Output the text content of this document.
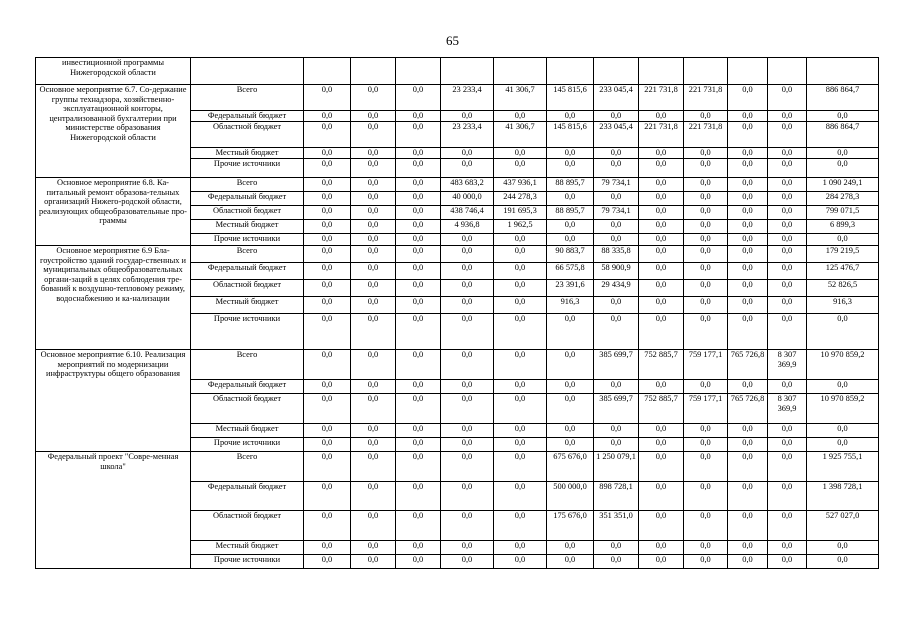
65
инвестиционной программы Нижегородской области													
Основное мероприятие 6.7. Со-держание группы технадзора, хозяйственно-эксплуатационной конторы, централизованной бухгалтерии при министерстве образования Нижегородской области	Всего	0,0	0,0	0,0	23 233,4	41 306,7	145 815,6	233 045,4	221 731,8	221 731,8	0,0	0,0	886 864,7
	Федеральный бюджет	0,0	0,0	0,0	0,0	0,0	0,0	0,0	0,0	0,0	0,0	0,0	0,0
	Областной бюджет	0,0	0,0	0,0	23 233,4	41 306,7	145 815,6	233 045,4	221 731,8	221 731,8	0,0	0,0	886 864,7
	Местный бюджет	0,0	0,0	0,0	0,0	0,0	0,0	0,0	0,0	0,0	0,0	0,0	0,0
	Прочие источники	0,0	0,0	0,0	0,0	0,0	0,0	0,0	0,0	0,0	0,0	0,0	0,0
Основное мероприятие 6.8. Ка-питальный ремонт образова-тельных организаций Нижего-родской области, реализующих общеобразовательные про-граммы	Всего	0,0	0,0	0,0	483 683,2	437 936,1	88 895,7	79 734,1	0,0	0,0	0,0	0,0	1 090 249,1
	Федеральный бюджет	0,0	0,0	0,0	40 000,0	244 278,3	0,0	0,0	0,0	0,0	0,0	0,0	284 278,3
	Областной бюджет	0,0	0,0	0,0	438 746,4	191 695,3	88 895,7	79 734,1	0,0	0,0	0,0	0,0	799 071,5
	Местный бюджет	0,0	0,0	0,0	4 936,8	1 962,5	0,0	0,0	0,0	0,0	0,0	0,0	6 899,3
	Прочие источники	0,0	0,0	0,0	0,0	0,0	0,0	0,0	0,0	0,0	0,0	0,0	0,0
Основное мероприятие 6.9 Бла-гоустройство зданий государ-ственных и муниципальных общеобразовательных органи-заций в целях соблюдения тре-бований к воздушно-тепловому режиму, водоснабжению и ка-нализации	Всего	0,0	0,0	0,0	0,0	0,0	90 883,7	88 335,8	0,0	0,0	0,0	0,0	179 219,5
	Федеральный бюджет	0,0	0,0	0,0	0,0	0,0	66 575,8	58 900,9	0,0	0,0	0,0	0,0	125 476,7
	Областной бюджет	0,0	0,0	0,0	0,0	0,0	23 391,6	29 434,9	0,0	0,0	0,0	0,0	52 826,5
	Местный бюджет	0,0	0,0	0,0	0,0	0,0	916,3	0,0	0,0	0,0	0,0	0,0	916,3
	Прочие источники	0,0	0,0	0,0	0,0	0,0	0,0	0,0	0,0	0,0	0,0	0,0	0,0
Основное мероприятие 6.10. Реализация мероприятий по модернизации инфраструктуры общего образования	Всего	0,0	0,0	0,0	0,0	0,0	0,0	385 699,7	752 885,7	759 177,1	765 726,8	8 307 369,9	10 970 859,2
	Федеральный бюджет	0,0	0,0	0,0	0,0	0,0	0,0	0,0	0,0	0,0	0,0	0,0	0,0
	Областной бюджет	0,0	0,0	0,0	0,0	0,0	0,0	385 699,7	752 885,7	759 177,1	765 726,8	8 307 369,9	10 970 859,2
	Местный бюджет	0,0	0,0	0,0	0,0	0,0	0,0	0,0	0,0	0,0	0,0	0,0	0,0
	Прочие источники	0,0	0,0	0,0	0,0	0,0	0,0	0,0	0,0	0,0	0,0	0,0	0,0
Федеральный проект "Совре-менная школа"	Всего	0,0	0,0	0,0	0,0	0,0	675 676,0	1 250 079,1	0,0	0,0	0,0	0,0	1 925 755,1
	Федеральный бюджет	0,0	0,0	0,0	0,0	0,0	500 000,0	898 728,1	0,0	0,0	0,0	0,0	1 398 728,1
	Областной бюджет	0,0	0,0	0,0	0,0	0,0	175 676,0	351 351,0	0,0	0,0	0,0	0,0	527 027,0
	Местный бюджет	0,0	0,0	0,0	0,0	0,0	0,0	0,0	0,0	0,0	0,0	0,0	0,0
	Прочие источники	0,0	0,0	0,0	0,0	0,0	0,0	0,0	0,0	0,0	0,0	0,0	0,0
